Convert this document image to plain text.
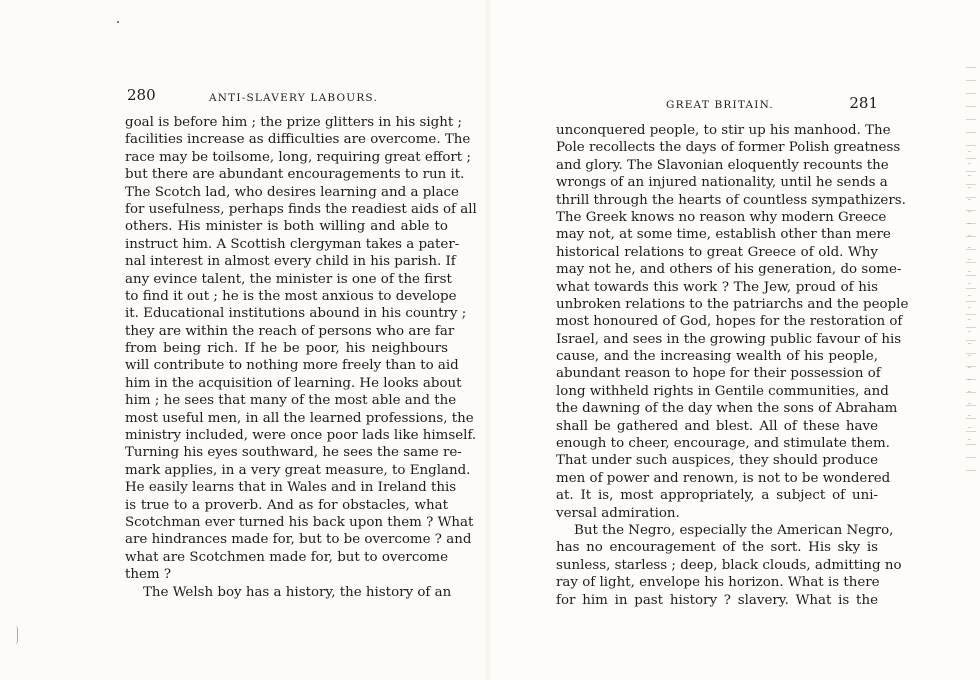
280	ANTI-SLAVERY LABOURS.
GREAT BRITAIN.	281
goal is before him ; the prize glitters in his sight ;
facilities increase as difficulties are overcome. The
race may be toilsome, long, requiring great effort ;
but there are abundant encouragements to run it.
The Scotch lad, who desires learning and a place
for usefulness, perhaps finds the readiest aids of all
others. His minister is both willing and able to
instruct him. A Scottish clergyman takes a pater-
nal interest in almost every child in his parish. If
any evince talent, the minister is one of the first
to find it out ; he is the most anxious to develope
it. Educational institutions abound in his country ;
they are within the reach of persons who are far
from being rich. If he be poor, his neighbours
will contribute to nothing more freely than to aid
him in the acquisition of learning. He looks about
him ; he sees that many of the most able and the
most useful men, in all the learned professions, the
ministry included, were once poor lads like himself.
Turning his eyes southward, he sees the same re-
mark applies, in a very great measure, to England.
He easily learns that in Wales and in Ireland this
is true to a proverb. And as for obstacles, what
Scotchman ever turned his back upon them ? What
are hindrances made for, but to be overcome ? and
what are Scotchmen made for, but to overcome
them ?
The Welsh boy has a history, the history of an
unconquered people, to stir up his manhood. The
Pole recollects the days of former Polish greatness
and glory. The Slavonian eloquently recounts the
wrongs of an injured nationality, until he sends a
thrill through the hearts of countless sympathizers.
The Greek knows no reason why modern Greece
may not, at some time, establish other than mere
historical relations to great Greece of old. Why
may not he, and others of his generation, do some-
what towards this work ? The Jew, proud of his
unbroken relations to the patriarchs and the people
most honoured of God, hopes for the restoration of
Israel, and sees in the growing public favour of his
cause, and the increasing wealth of his people,
abundant reason to hope for their possession of
long withheld rights in Gentile communities, and
the dawning of the day when the sons of Abraham
shall be gathered and blest. All of these have
enough to cheer, encourage, and stimulate them.
That under such auspices, they should produce
men of power and renown, is not to be wondered
at. It is, most appropriately, a subject of uni-
versal admiration.
But the Negro, especially the American Negro,
has no encouragement of the sort. His sky is
sunless, starless ; deep, black clouds, admitting no
ray of light, envelope his horizon. What is there
for him in past history ? slavery. What is the
